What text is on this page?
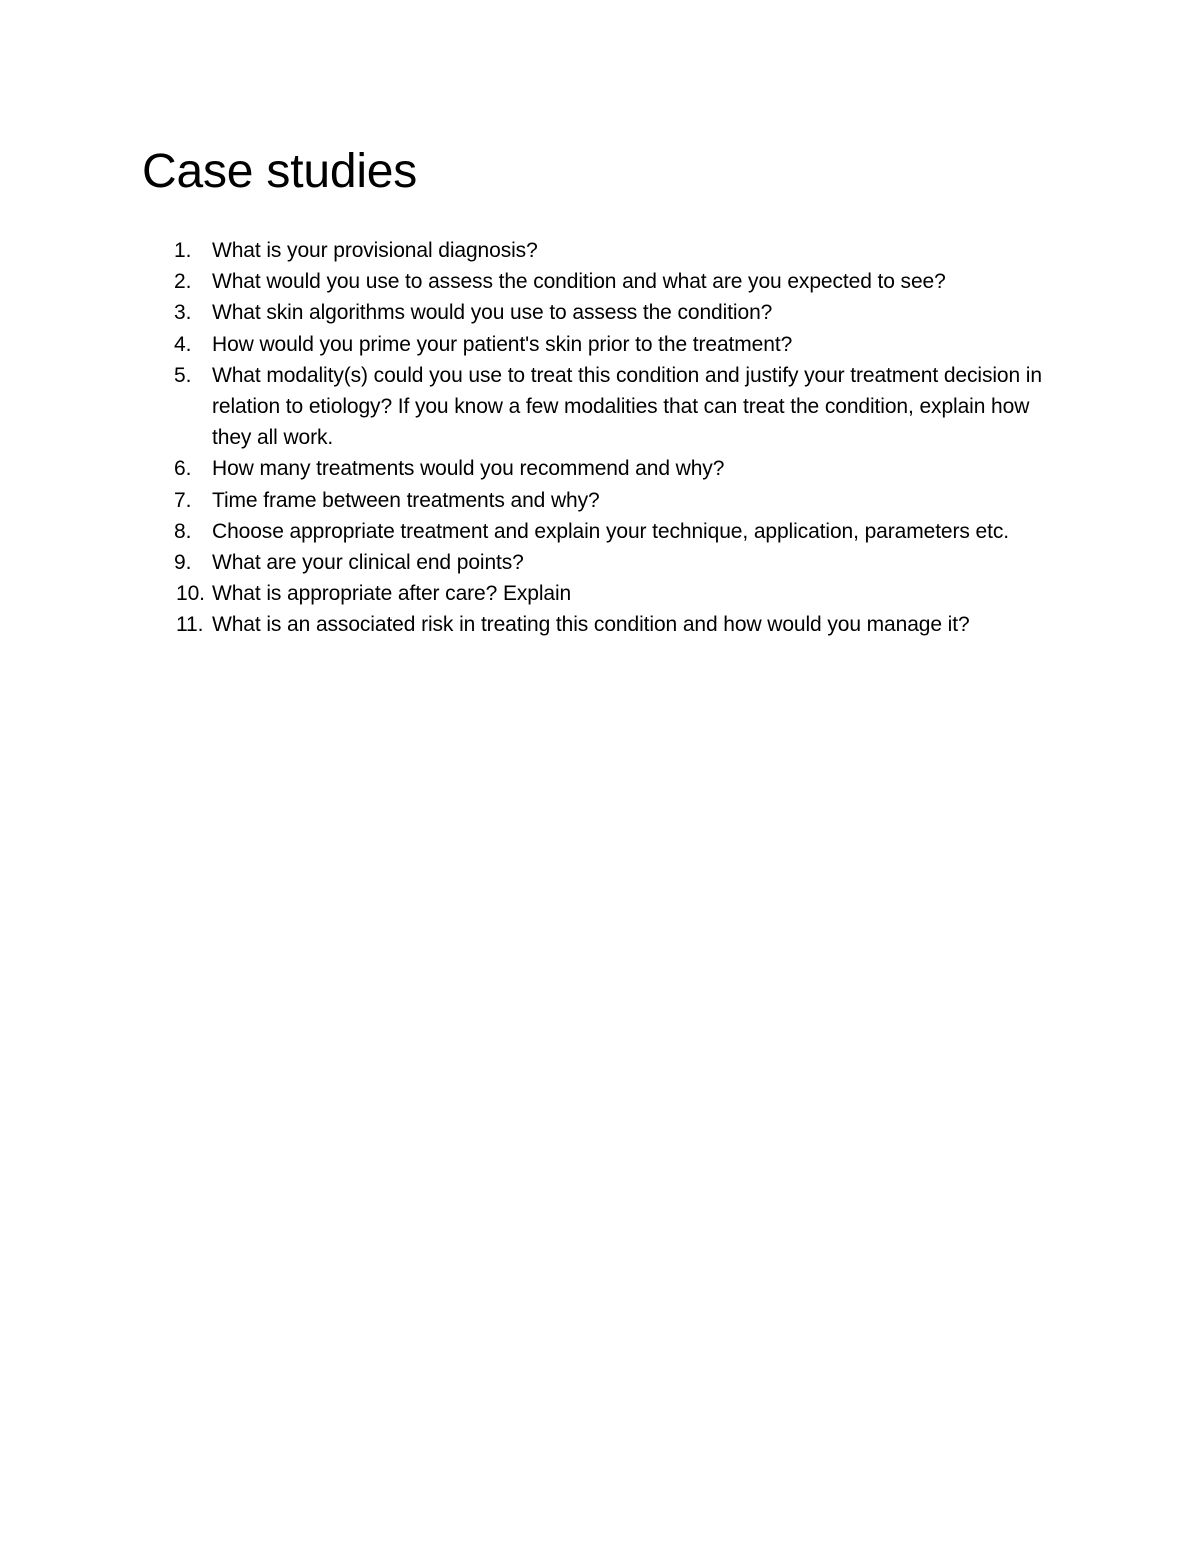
Case studies
1. What is your provisional diagnosis?
2. What would you use to assess the condition and what are you expected to see?
3. What skin algorithms would you use to assess the condition?
4. How would you prime your patient's skin prior to the treatment?
5. What modality(s) could you use to treat this condition and justify your treatment decision in relation to etiology? If you know a few modalities that can treat the condition, explain how they all work.
6. How many treatments would you recommend and why?
7. Time frame between treatments and why?
8. Choose appropriate treatment and explain your technique, application, parameters etc.
9. What are your clinical end points?
10. What is appropriate after care? Explain
11. What is an associated risk in treating this condition and how would you manage it?
